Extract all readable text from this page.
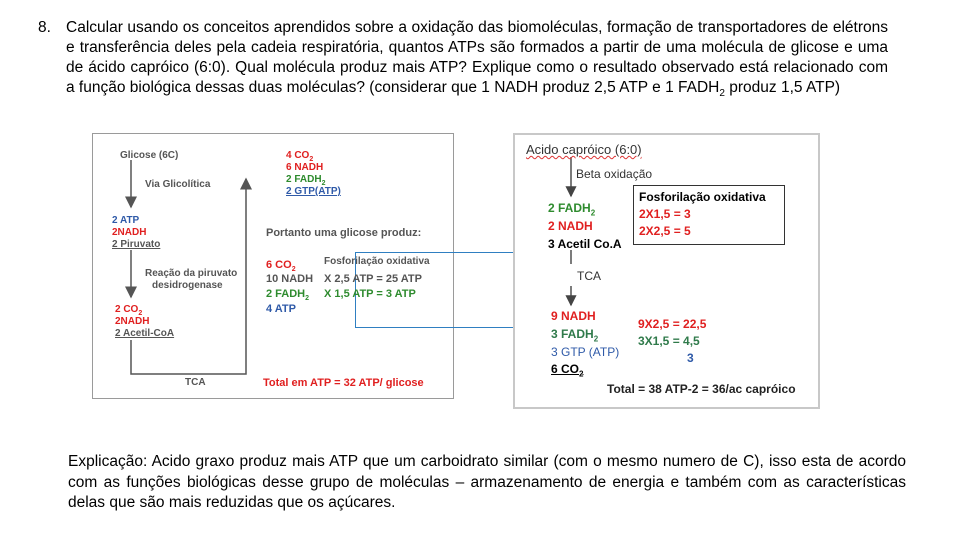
8. Calcular usando os conceitos aprendidos sobre a oxidação das biomoléculas, formação de transportadores de elétrons e transferência deles pela cadeia respiratória, quantos ATPs são formados a partir de uma molécula de glicose e uma de ácido capróico (6:0). Qual molécula produz mais ATP? Explique como o resultado observado está relacionado com a função biológica dessas duas moléculas? (considerar que 1 NADH produz 2,5 ATP e 1 $FADH_2$ produz 1,5 ATP)
Glicose (6C)
Via Glicolítica
2 ATP
2NADH
2 Piruvato
Reação da piruvato
desidrogenase
2 $CO_2$
2NADH
2 Acetil-CoA
TCA
4 $CO_2$
6 NADH
2 $FADH_2$
2 GTP(ATP)
Portanto uma glicose produz:
Fosforilação oxidativa
6 $CO_2$
10 NADH X 2,5 ATP = 25 ATP
2 $FADH_2$ X 1,5 ATP = 3 ATP
4 ATP
Total em ATP = 32 ATP/ glicose
Acido capróico (6:0)
Beta oxidação
Fosforilação oxidativa
2X1,5 = 3
2X2,5 = 5
2 $FADH_2$
2 NADH
3 Acetil Co.A
TCA
9 NADH
3 $FADH_2$
3 GTP (ATP)
6 $CO_2$
9X2,5 = 22,5
3X1,5 = 4,5
3
Total = 38 ATP-2 = 36/ac capróico
Explicação: Acido graxo produz mais ATP que um carboidrato similar (com o mesmo numero de C), isso esta de acordo com as funções biológicas desse grupo de moléculas – armazenamento de energia e também com as características delas que são mais reduzidas que os açúcares.
